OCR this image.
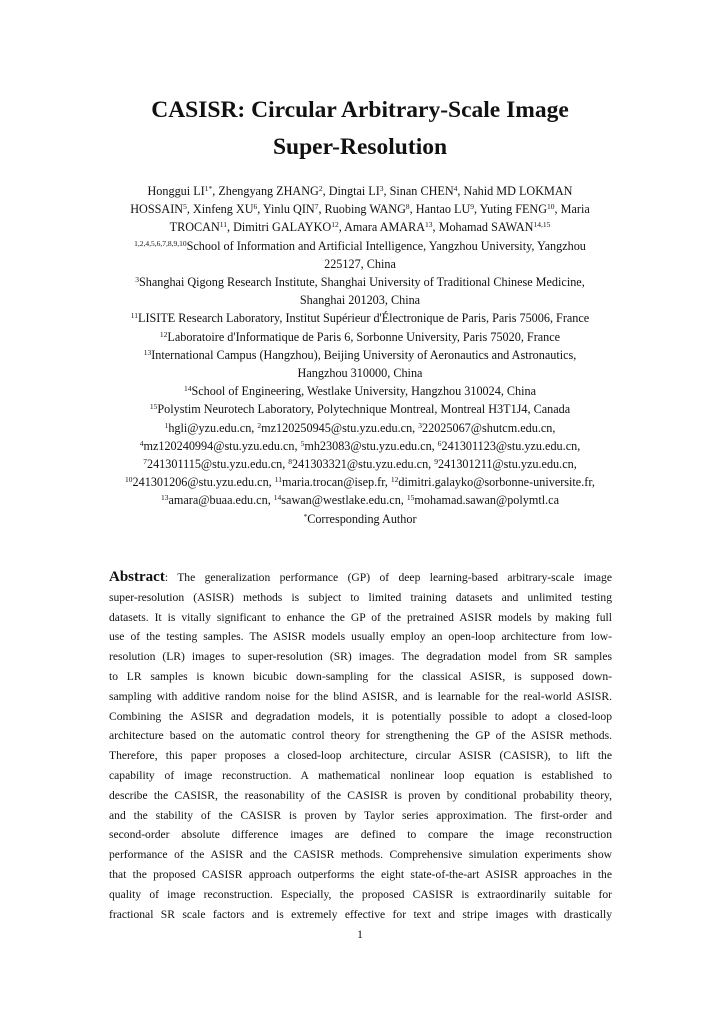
CASISR: Circular Arbitrary-Scale Image
Super-Resolution
Honggui $LI^{1*}$, Zhengyang ZHANG$^2$, Dingtai $LI^3$, Sinan CHEN$^4$, Nahid MD LOKMAN
HOSSAIN$^5$, Xinfeng $XU^6$, Yinlu QIN$^7$, Ruobing WANG$^8$, Hantao $LU^9$, Yuting FENG$^{10}$, Maria
TROCAN$^{11}$, Dimitri GALAYKO$^{12}$, Amara AMARA$^{13}$, Mohamad SAWAN$^{14,15}$
$^{1,2,4,5,6,7,8,9,10}$School of Information and Artificial Intelligence, Yangzhou University, Yangzhou
225127, China
$^3$Shanghai Qigong Research Institute, Shanghai University of Traditional Chinese Medicine,
Shanghai 201203, China
$^{11}$LISITE Research Laboratory, Institut Supérieur d'Électronique de Paris, Paris 75006, France
$^{12}$Laboratoire d'Informatique de Paris 6, Sorbonne University, Paris 75020, France
$^{13}$International Campus (Hangzhou), Beijing University of Aeronautics and Astronautics,
Hangzhou 310000, China
$^{14}$School of Engineering, Westlake University, Hangzhou 310024, China
$^{15}$Polystim Neurotech Laboratory, Polytechnique Montreal, Montreal H3T1J4, Canada
$^1$hgli@yzu.edu.cn, $^2$mz120250945@stu.yzu.edu.cn, $^3$22025067@shutcm.edu.cn,
$^4$mz120240994@stu.yzu.edu.cn, $^5$mh23083@stu.yzu.edu.cn, $^6$241301123@stu.yzu.edu.cn,
$^7$241301115@stu.yzu.edu.cn, $^8$241303321@stu.yzu.edu.cn, $^9$241301211@stu.yzu.edu.cn,
$^{10}$241301206@stu.yzu.edu.cn, $^{11}$maria.trocan@isep.fr, $^{12}$dimitri.galayko@sorbonne-universite.fr,
$^{13}$amara@buaa.edu.cn, $^{14}$sawan@westlake.edu.cn, $^{15}$mohamad.sawan@polymtl.ca
*Corresponding Author
Abstract: The generalization performance (GP) of deep learning-based arbitrary-scale image
super-resolution (ASISR) methods is subject to limited training datasets and unlimited testing
datasets. It is vitally significant to enhance the GP of the pretrained ASISR models by making full
use of the testing samples. The ASISR models usually employ an open-loop architecture from low-
resolution (LR) images to super-resolution (SR) images. The degradation model from SR samples
to LR samples is known bicubic down-sampling for the classical ASISR, is supposed down-
sampling with additive random noise for the blind ASISR, and is learnable for the real-world ASISR.
Combining the ASISR and degradation models, it is potentially possible to adopt a closed-loop
architecture based on the automatic control theory for strengthening the GP of the ASISR methods.
Therefore, this paper proposes a closed-loop architecture, circular ASISR (CASISR), to lift the
capability of image reconstruction. A mathematical nonlinear loop equation is established to
describe the CASISR, the reasonability of the CASISR is proven by conditional probability theory,
and the stability of the CASISR is proven by Taylor series approximation. The first-order and
second-order absolute difference images are defined to compare the image reconstruction
performance of the ASISR and the CASISR methods. Comprehensive simulation experiments show
that the proposed CASISR approach outperforms the eight state-of-the-art ASISR approaches in the
quality of image reconstruction. Especially, the proposed CASISR is extraordinarily suitable for
fractional SR scale factors and is extremely effective for text and stripe images with drastically
1
